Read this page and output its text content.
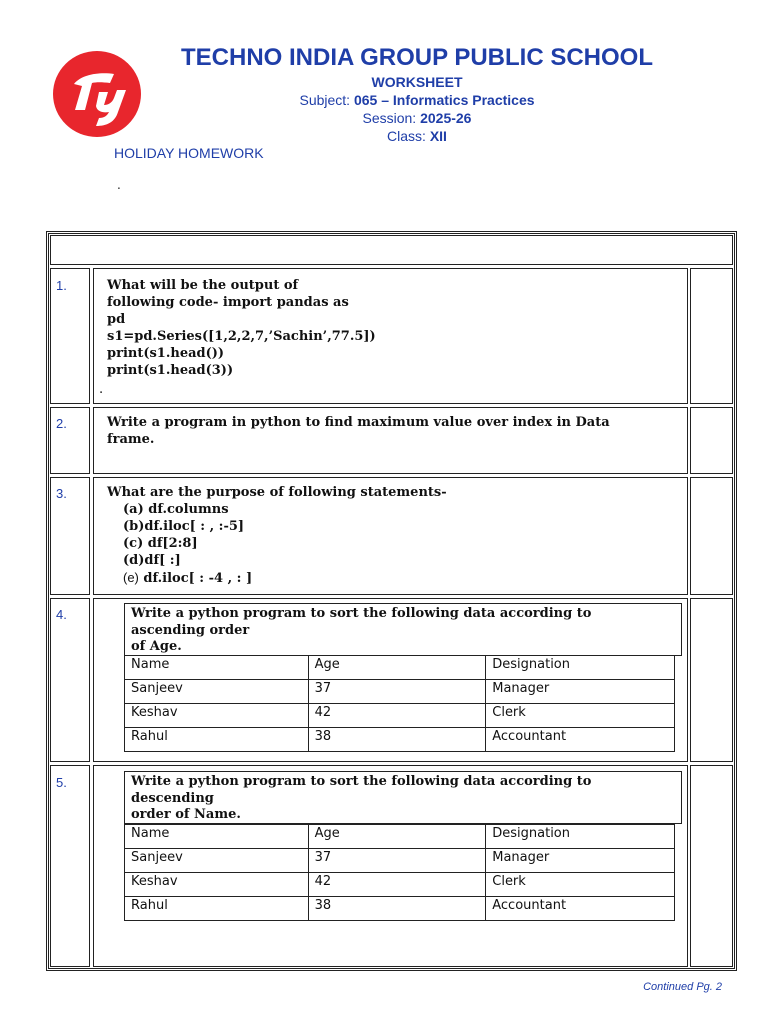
TECHNO INDIA GROUP PUBLIC SCHOOL
WORKSHEET
Subject: 065 – Informatics Practices
Session: 2025-26
Class: XII
HOLIDAY HOMEWORK
.
1.	What will be the output of
following code- import pandas as
pd
s1=pd.Series([1,2,2,7,’Sachin’,77.5])
print(s1.head())
print(s1.head(3))
.
2.	Write a program in python to find maximum value over index in Data
frame.
3.	What are the purpose of following statements-
(a) df.columns
(b)df.iloc[ : , :-5]
(c) df[2:8]
(d)df[ :]
(e) df.iloc[ : -4 , : ]
4.	Write a python program to sort the following data according to
ascending order
of Age.
Name	Age	Designation
Sanjeev	37	Manager
Keshav	42	Clerk
Rahul	38	Accountant
5.	Write a python program to sort the following data according to
descending
order of Name.
Name	Age	Designation
Sanjeev	37	Manager
Keshav	42	Clerk
Rahul	38	Accountant
Continued Pg. 2
